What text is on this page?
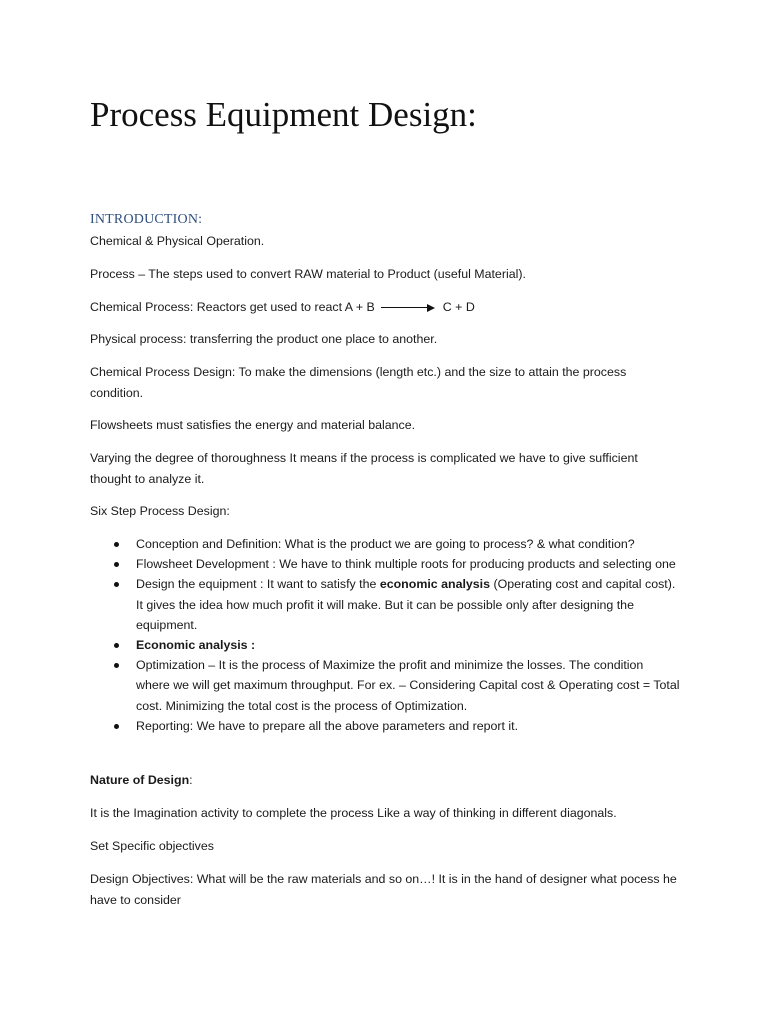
Process Equipment Design:
INTRODUCTION:

Chemical & Physical Operation.

Process – The steps used to convert RAW material to Product (useful Material).

Chemical Process: Reactors get used to react A + B	C + D

Physical process: transferring the product one place to another.

Chemical Process Design: To make the dimensions (length etc.) and the size to attain the process condition.

Flowsheets must satisfies the energy and material balance.

Varying the degree of thoroughness It means if the process is complicated we have to give sufficient thought to analyze it.

Six Step Process Design:

Conception and Definition: What is the product we are going to process? & what condition?
Flowsheet Development : We have to think multiple roots for producing products and selecting one
Design the equipment : It want to satisfy the economic analysis (Operating cost and capital cost). It gives the idea how much profit it will make. But it can be possible only after designing the equipment.
Economic analysis :
Optimization – It is the process of Maximize the profit and minimize the losses. The condition where we will get maximum throughput. For ex. – Considering Capital cost & Operating cost = Total cost. Minimizing the total cost is the process of Optimization.
Reporting: We have to prepare all the above parameters and report it.

Nature of Design:

It is the Imagination activity to complete the process Like a way of thinking in different diagonals.

Set Specific objectives

Design Objectives: What will be the raw materials and so on…! It is in the hand of designer what pocess he have to consider
